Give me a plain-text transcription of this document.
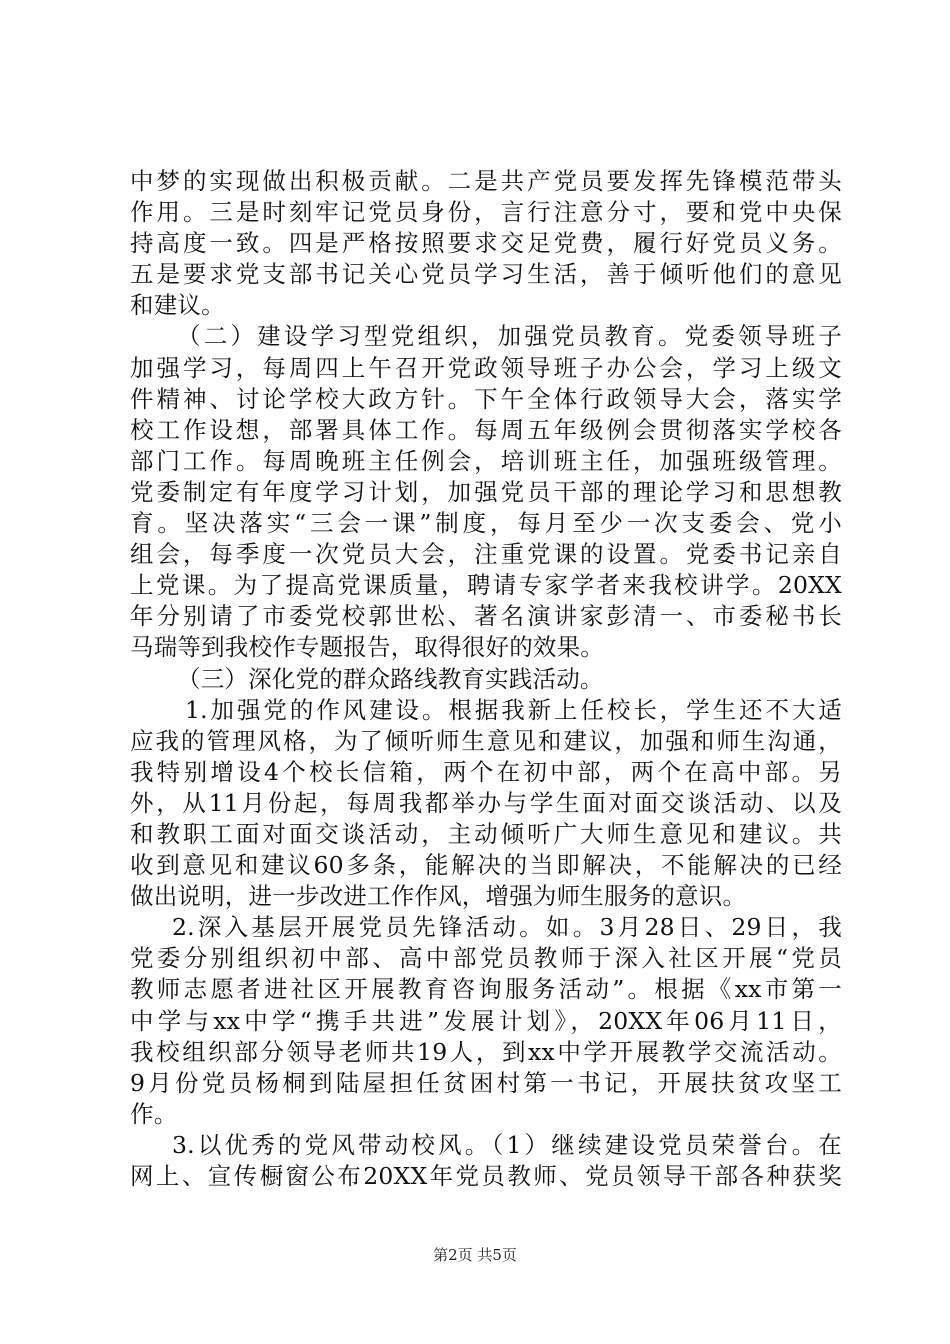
中梦的实现做出积极贡献。二是共产党员要发挥先锋模范带头
作用。三是时刻牢记党员身份，言行注意分寸，要和党中央保
持高度一致。四是严格按照要求交足党费，履行好党员义务。
五是要求党支部书记关心党员学习生活，善于倾听他们的意见
和建议。
（二）建设学习型党组织，加强党员教育。党委领导班子
加强学习，每周四上午召开党政领导班子办公会，学习上级文
件精神、讨论学校大政方针。下午全体行政领导大会，落实学
校工作设想，部署具体工作。每周五年级例会贯彻落实学校各
部门工作。每周晚班主任例会，培训班主任，加强班级管理。
党委制定有年度学习计划，加强党员干部的理论学习和思想教
育。坚决落实“三会一课”制度，每月至少一次支委会、党小
组会，每季度一次党员大会，注重党课的设置。党委书记亲自
上党课。为了提高党课质量，聘请专家学者来我校讲学。20XX
年分别请了市委党校郭世松、著名演讲家彭清一、市委秘书长
马瑞等到我校作专题报告，取得很好的效果。
（三）深化党的群众路线教育实践活动。
1.加强党的作风建设。根据我新上任校长，学生还不大适
应我的管理风格，为了倾听师生意见和建议，加强和师生沟通，
我特别增设4个校长信箱，两个在初中部，两个在高中部。另
外，从11月份起，每周我都举办与学生面对面交谈活动、以及
和教职工面对面交谈活动，主动倾听广大师生意见和建议。共
收到意见和建议60多条，能解决的当即解决，不能解决的已经
做出说明，进一步改进工作作风，增强为师生服务的意识。
2.深入基层开展党员先锋活动。如。3月28日、29日，我
党委分别组织初中部、高中部党员教师于深入社区开展“党员
教师志愿者进社区开展教育咨询服务活动”。根据《xx市第一
中学与xx中学“携手共进”发展计划》，20XX年06月11日，
我校组织部分领导老师共19人，到xx中学开展教学交流活动。
9月份党员杨桐到陆屋担任贫困村第一书记，开展扶贫攻坚工
作。
3.以优秀的党风带动校风。（1）继续建设党员荣誉台。在
网上、宣传橱窗公布20XX年党员教师、党员领导干部各种获奖
第2页 共5页
